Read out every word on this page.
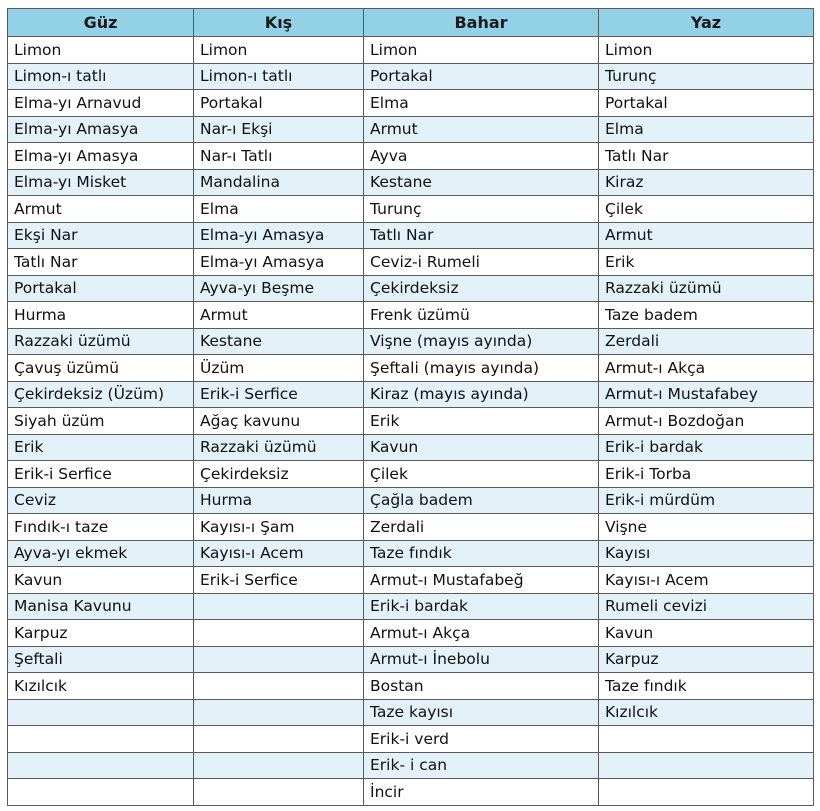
Güz	Kış	Bahar	Yaz
Limon	Limon	Limon	Limon
Limon-ı tatlı	Limon-ı tatlı	Portakal	Turunç
Elma-yı Arnavud	Portakal	Elma	Portakal
Elma-yı Amasya	Nar-ı Ekşi	Armut	Elma
Elma-yı Amasya	Nar-ı Tatlı	Ayva	Tatlı Nar
Elma-yı Misket	Mandalina	Kestane	Kiraz
Armut	Elma	Turunç	Çilek
Ekşi Nar	Elma-yı Amasya	Tatlı Nar	Armut
Tatlı Nar	Elma-yı Amasya	Ceviz-i Rumeli	Erik
Portakal	Ayva-yı Beşme	Çekirdeksiz	Razzaki üzümü
Hurma	Armut	Frenk üzümü	Taze badem
Razzaki üzümü	Kestane	Vişne (mayıs ayında)	Zerdali
Çavuş üzümü	Üzüm	Şeftali (mayıs ayında)	Armut-ı Akça
Çekirdeksiz (Üzüm)	Erik-i Serfice	Kiraz (mayıs ayında)	Armut-ı Mustafabey
Siyah üzüm	Ağaç kavunu	Erik	Armut-ı Bozdoğan
Erik	Razzaki üzümü	Kavun	Erik-i bardak
Erik-i Serfice	Çekirdeksiz	Çilek	Erik-i Torba
Ceviz	Hurma	Çağla badem	Erik-i mürdüm
Fındık-ı taze	Kayısı-ı Şam	Zerdali	Vişne
Ayva-yı ekmek	Kayısı-ı Acem	Taze fındık	Kayısı
Kavun	Erik-i Serfice	Armut-ı Mustafabeğ	Kayısı-ı Acem
Manisa Kavunu		Erik-i bardak	Rumeli cevizi
Karpuz		Armut-ı Akça	Kavun
Şeftali		Armut-ı İnebolu	Karpuz
Kızılcık		Bostan	Taze fındık
		Taze kayısı	Kızılcık
		Erik-i verd	
		Erik- i can	
		İncir	
